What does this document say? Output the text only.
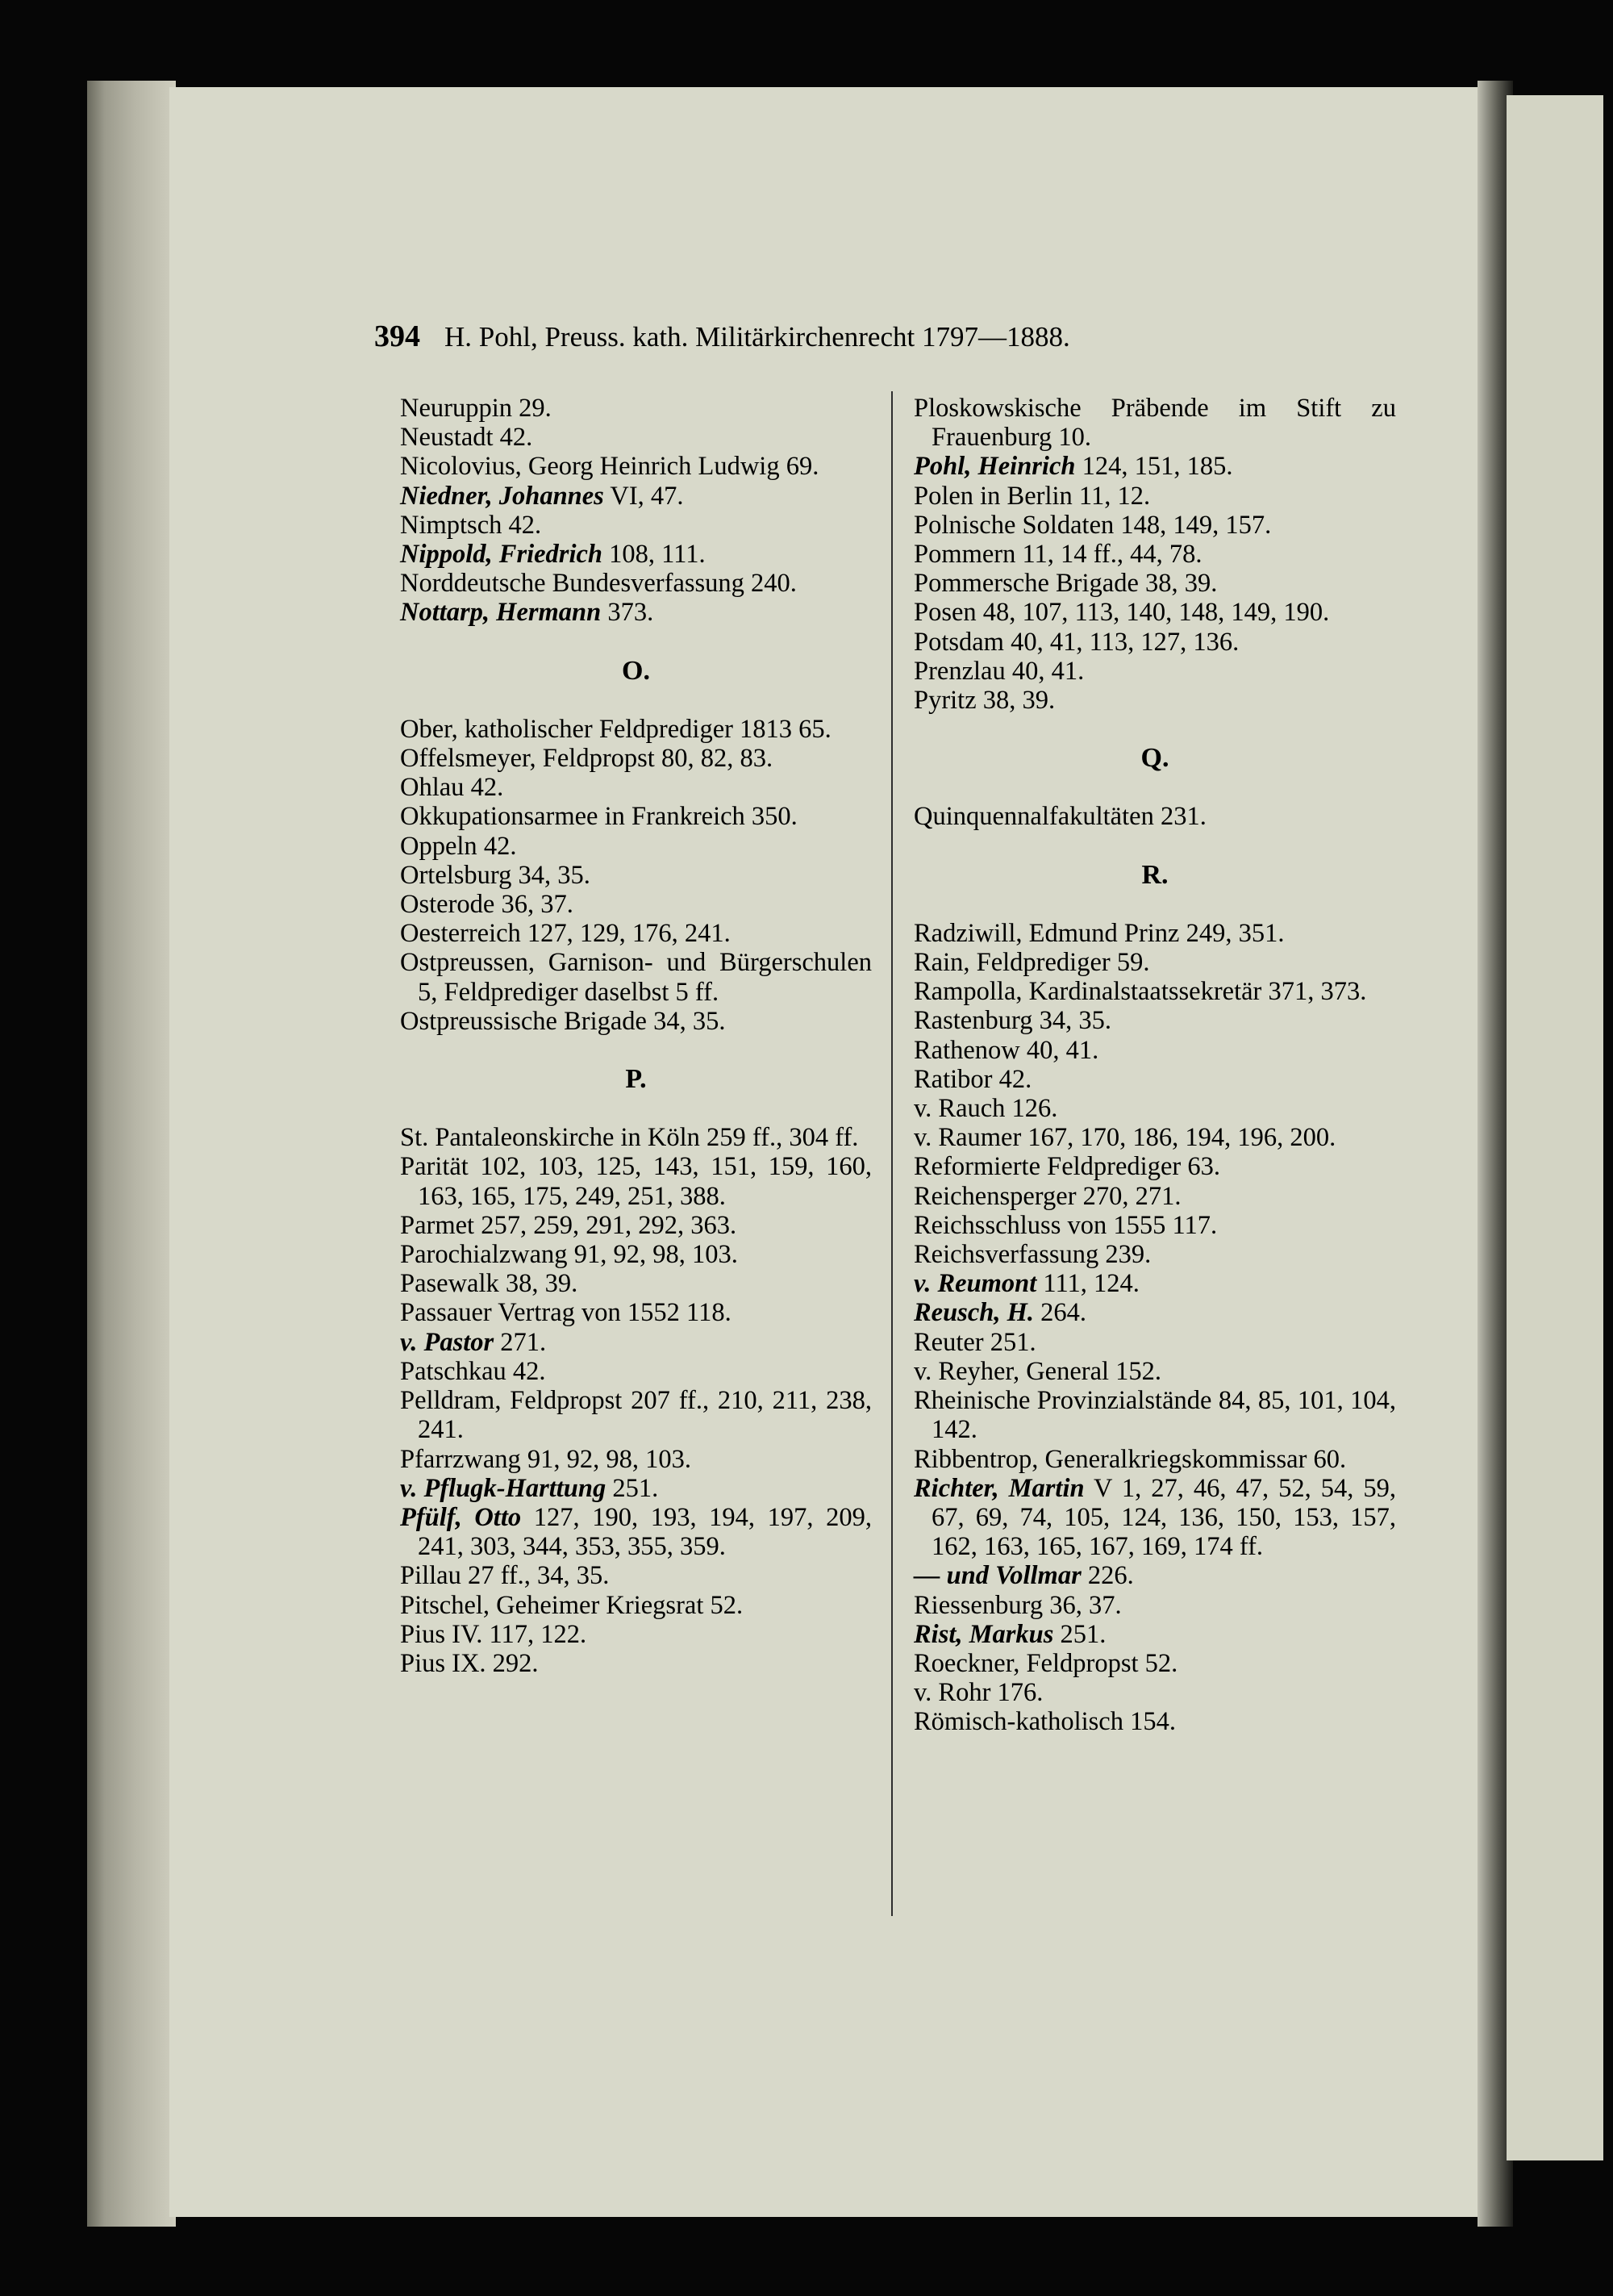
394 H. Pohl, Preuss. kath. Militärkirchenrecht 1797—1888.
Neuruppin 29.
Neustadt 42.
Nicolovius, Georg Heinrich Ludwig 69.
Niedner, Johannes VI, 47.
Nimptsch 42.
Nippold, Friedrich 108, 111.
Norddeutsche Bundesverfassung 240.
Nottarp, Hermann 373.
O.
Ober, katholischer Feldprediger 1813 65.
Offelsmeyer, Feldpropst 80, 82, 83.
Ohlau 42.
Okkupationsarmee in Frankreich 350.
Oppeln 42.
Ortelsburg 34, 35.
Osterode 36, 37.
Oesterreich 127, 129, 176, 241.
Ostpreussen, Garnison- und Bürgerschulen 5, Feldprediger daselbst 5 ff.
Ostpreussische Brigade 34, 35.
P.
St. Pantaleonskirche in Köln 259 ff., 304 ff.
Parität 102, 103, 125, 143, 151, 159, 160, 163, 165, 175, 249, 251, 388.
Parmet 257, 259, 291, 292, 363.
Parochialzwang 91, 92, 98, 103.
Pasewalk 38, 39.
Passauer Vertrag von 1552 118.
v. Pastor 271.
Patschkau 42.
Pelldram, Feldpropst 207 ff., 210, 211, 238, 241.
Pfarrzwang 91, 92, 98, 103.
v. Pflugk-Harttung 251.
Pfülf, Otto 127, 190, 193, 194, 197, 209, 241, 303, 344, 353, 355, 359.
Pillau 27 ff., 34, 35.
Pitschel, Geheimer Kriegsrat 52.
Pius IV. 117, 122.
Pius IX. 292.
Ploskowskische Präbende im Stift zu Frauenburg 10.
Pohl, Heinrich 124, 151, 185.
Polen in Berlin 11, 12.
Polnische Soldaten 148, 149, 157.
Pommern 11, 14 ff., 44, 78.
Pommersche Brigade 38, 39.
Posen 48, 107, 113, 140, 148, 149, 190.
Potsdam 40, 41, 113, 127, 136.
Prenzlau 40, 41.
Pyritz 38, 39.
Q.
Quinquennalfakultäten 231.
R.
Radziwill, Edmund Prinz 249, 351.
Rain, Feldprediger 59.
Rampolla, Kardinalstaatssekretär 371, 373.
Rastenburg 34, 35.
Rathenow 40, 41.
Ratibor 42.
v. Rauch 126.
v. Raumer 167, 170, 186, 194, 196, 200.
Reformierte Feldprediger 63.
Reichensperger 270, 271.
Reichsschluss von 1555 117.
Reichsverfassung 239.
v. Reumont 111, 124.
Reusch, H. 264.
Reuter 251.
v. Reyher, General 152.
Rheinische Provinzialstände 84, 85, 101, 104, 142.
Ribbentrop, Generalkriegskommissar 60.
Richter, Martin V 1, 27, 46, 47, 52, 54, 59, 67, 69, 74, 105, 124, 136, 150, 153, 157, 162, 163, 165, 167, 169, 174 ff.
— und Vollmar 226.
Riessenburg 36, 37.
Rist, Markus 251.
Roeckner, Feldpropst 52.
v. Rohr 176.
Römisch-katholisch 154.
